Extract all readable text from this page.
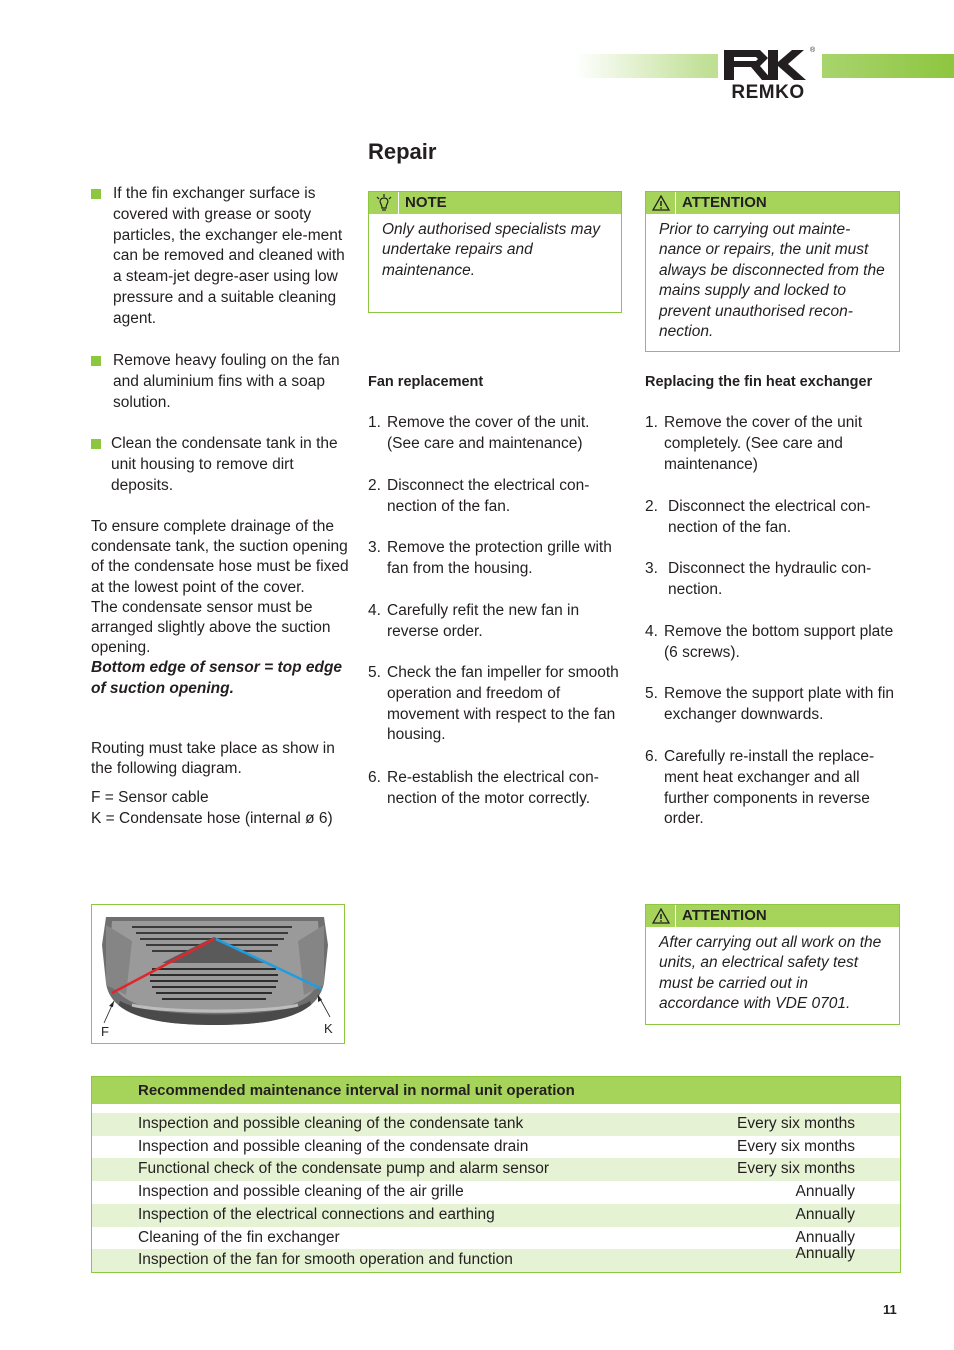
®
REMKO
Repair
If the fin exchanger surface is covered with grease or sooty particles, the exchanger ele-ment can be removed and cleaned with a steam-jet degre-aser using low pressure and a suitable cleaning agent.
Remove heavy fouling on the fan and aluminium fins with a soap solution.
Clean the condensate tank in the unit housing to remove dirt deposits.
To ensure complete drainage of the condensate tank, the suction opening of the condensate hose must be fixed at the lowest point of the cover.
The condensate sensor must be arranged slightly above the suction opening.
Bottom edge of sensor = top edge of suction opening.
Routing must take place as show in the following diagram.
F = Sensor cable
K = Condensate hose (internal ø 6)
NOTE
Only authorised specialists may undertake repairs and maintenance.
ATTENTION
Prior to carrying out mainte-nance or repairs, the unit must always be disconnected from the mains supply and locked to prevent unauthorised recon-nection.
Fan replacement
1. Remove the cover of the unit. (See care and maintenance)
2. Disconnect the electrical con-nection of the fan.
3. Remove the protection grille with fan from the housing.
4. Carefully refit the new fan in reverse order.
5. Check the fan impeller for smooth operation and freedom of movement with respect to the fan housing.
6. Re-establish the electrical con-nection of the motor correctly.
Replacing the fin heat exchanger
1. Remove the cover of the unit completely. (See care and maintenance)
2. Disconnect the electrical con-nection of the fan.
3. Disconnect the hydraulic con-nection.
4. Remove the bottom support plate (6 screws).
5. Remove the support plate with fin exchanger downwards.
6. Carefully re-install the replace-ment heat exchanger and all further components in reverse order.
F	K
ATTENTION
After carrying out all work on the units, an electrical safety test must be carried out in accordance with VDE 0701.
Recommended maintenance interval in normal unit operation
Inspection and possible cleaning of the condensate tank	Every six months
Inspection and possible cleaning of the condensate drain	Every six months
Functional check of the condensate pump and alarm sensor	Every six months
Inspection and possible cleaning of the air grille	Annually
Inspection of the electrical connections and earthing	Annually
Cleaning of the fin exchanger	Annually
Inspection of the fan for smooth operation and function	Annually
11
